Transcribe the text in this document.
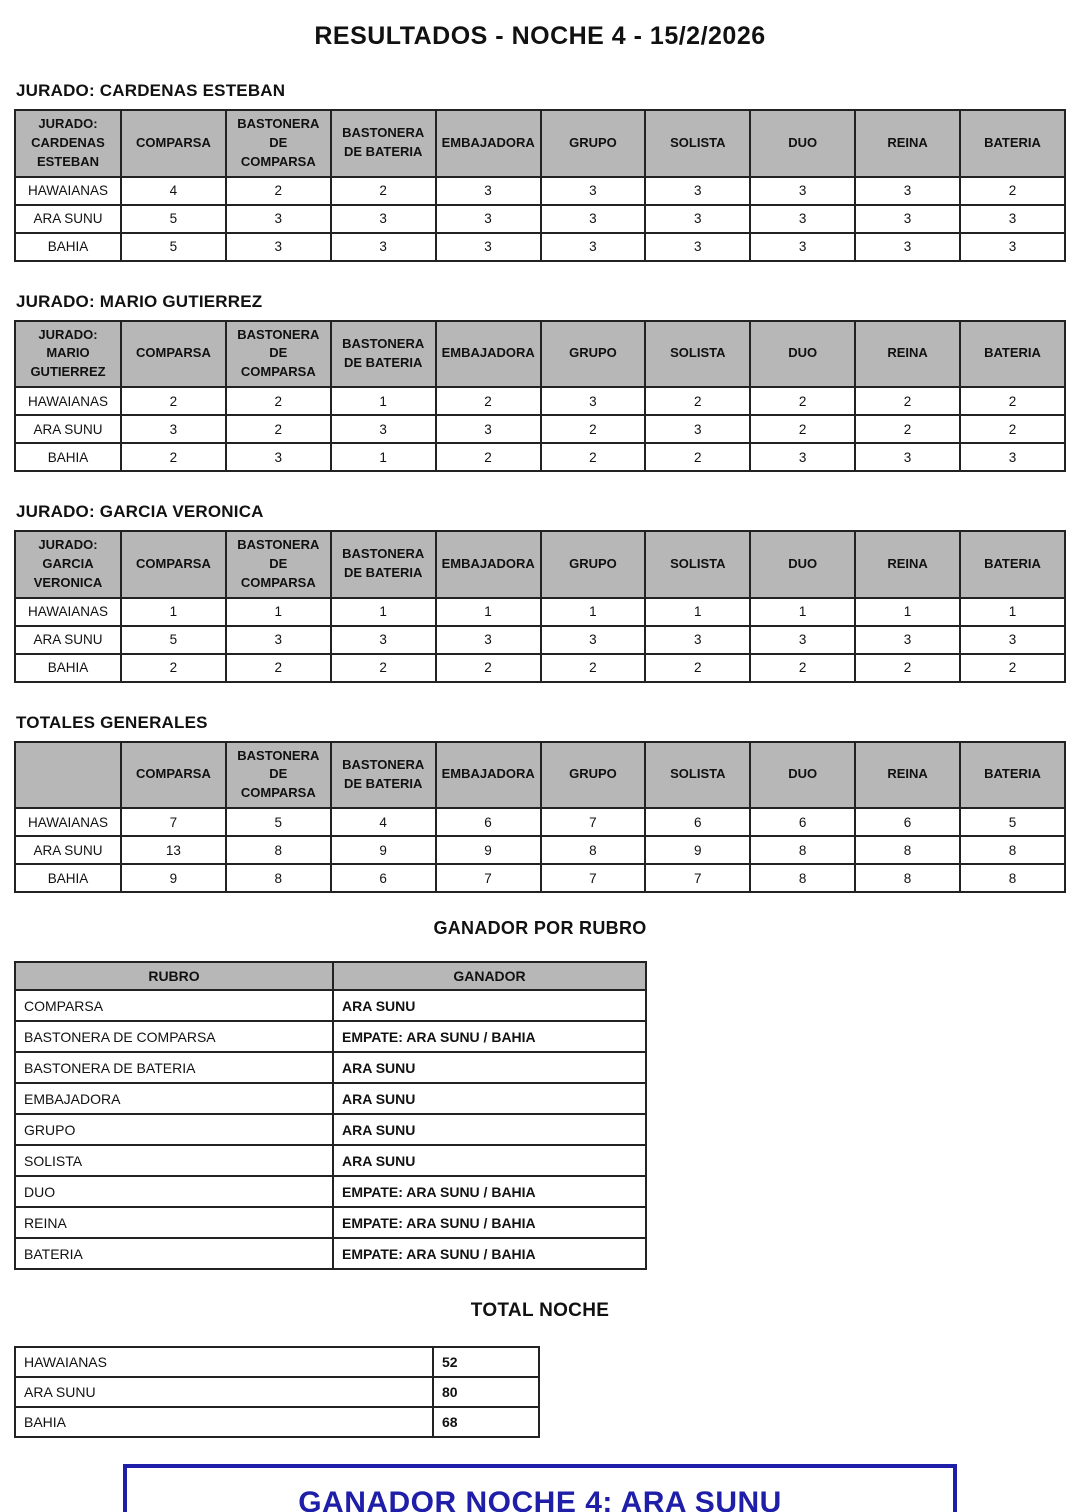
RESULTADOS - NOCHE 4 - 15/2/2026
JURADO: CARDENAS ESTEBAN
JURADO: CARDENAS ESTEBAN	COMPARSA	BASTONERA DE COMPARSA	BASTONERA DE BATERIA	EMBAJADORA	GRUPO	SOLISTA	DUO	REINA	BATERIA
HAWAIANAS	4	2	2	3	3	3	3	3	2
ARA SUNU	5	3	3	3	3	3	3	3	3
BAHIA	5	3	3	3	3	3	3	3	3
JURADO: MARIO GUTIERREZ
JURADO: MARIO GUTIERREZ	COMPARSA	BASTONERA DE COMPARSA	BASTONERA DE BATERIA	EMBAJADORA	GRUPO	SOLISTA	DUO	REINA	BATERIA
HAWAIANAS	2	2	1	2	3	2	2	2	2
ARA SUNU	3	2	3	3	2	3	2	2	2
BAHIA	2	3	1	2	2	2	3	3	3
JURADO: GARCIA VERONICA
JURADO: GARCIA VERONICA	COMPARSA	BASTONERA DE COMPARSA	BASTONERA DE BATERIA	EMBAJADORA	GRUPO	SOLISTA	DUO	REINA	BATERIA
HAWAIANAS	1	1	1	1	1	1	1	1	1
ARA SUNU	5	3	3	3	3	3	3	3	3
BAHIA	2	2	2	2	2	2	2	2	2
TOTALES GENERALES
	COMPARSA	BASTONERA DE COMPARSA	BASTONERA DE BATERIA	EMBAJADORA	GRUPO	SOLISTA	DUO	REINA	BATERIA
HAWAIANAS	7	5	4	6	7	6	6	6	5
ARA SUNU	13	8	9	9	8	9	8	8	8
BAHIA	9	8	6	7	7	7	8	8	8
GANADOR POR RUBRO
RUBRO	GANADOR
COMPARSA	ARA SUNU
BASTONERA DE COMPARSA	EMPATE: ARA SUNU / BAHIA
BASTONERA DE BATERIA	ARA SUNU
EMBAJADORA	ARA SUNU
GRUPO	ARA SUNU
SOLISTA	ARA SUNU
DUO	EMPATE: ARA SUNU / BAHIA
REINA	EMPATE: ARA SUNU / BAHIA
BATERIA	EMPATE: ARA SUNU / BAHIA
TOTAL NOCHE
HAWAIANAS	52
ARA SUNU	80
BAHIA	68
GANADOR NOCHE 4: ARA SUNU
